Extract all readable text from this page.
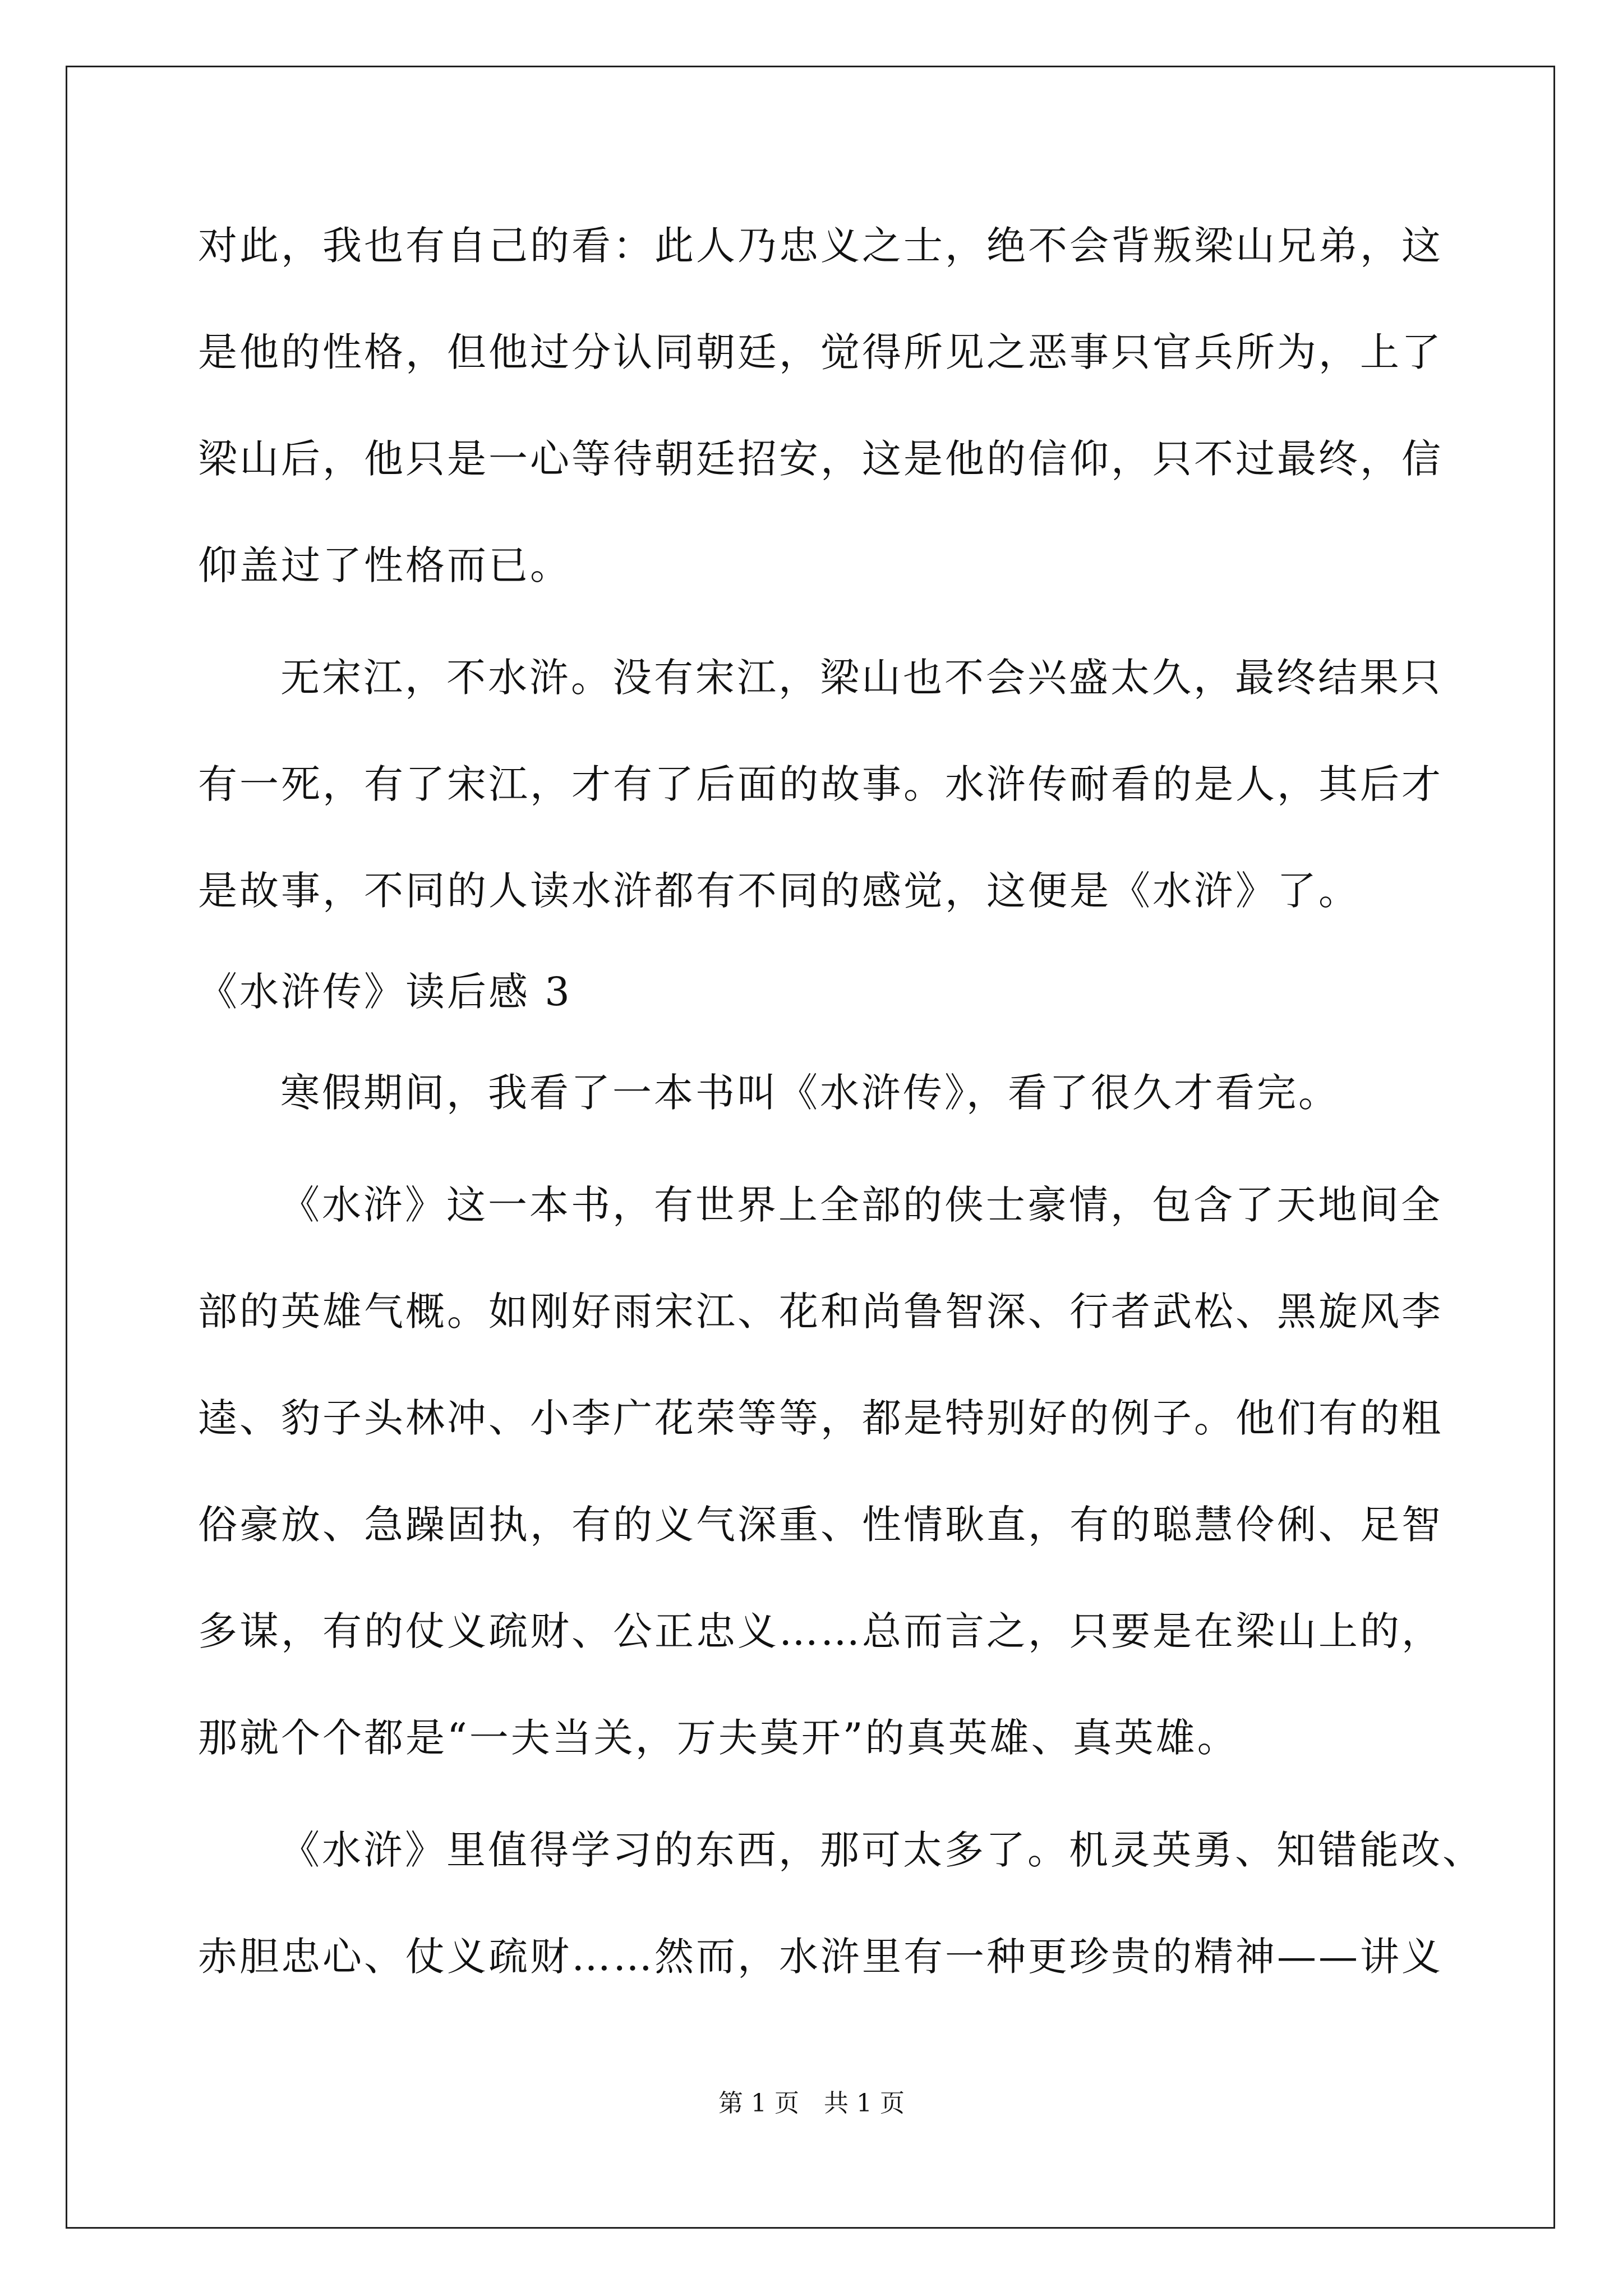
对此，我也有自己的看：此人乃忠义之士，绝不会背叛梁山兄弟，这
是他的性格，但他过分认同朝廷，觉得所见之恶事只官兵所为，上了
梁山后，他只是一心等待朝廷招安，这是他的信仰，只不过最终，信
仰盖过了性格而已。
无宋江，不水浒。没有宋江，梁山也不会兴盛太久，最终结果只
有一死，有了宋江，才有了后面的故事。水浒传耐看的是人，其后才
是故事，不同的人读水浒都有不同的感觉，这便是《水浒》了。
《水浒传》读后感 3
寒假期间，我看了一本书叫《水浒传》，看了很久才看完。
《水浒》这一本书，有世界上全部的侠士豪情，包含了天地间全
部的英雄气概。如刚好雨宋江、花和尚鲁智深、行者武松、黑旋风李
逵、豹子头林冲、小李广花荣等等，都是特别好的例子。他们有的粗
俗豪放、急躁固执，有的义气深重、性情耿直，有的聪慧伶俐、足智
多谋，有的仗义疏财、公正忠义……总而言之，只要是在梁山上的，
那就个个都是“一夫当关，万夫莫开”的真英雄、真英雄。
《水浒》里值得学习的东西，那可太多了。机灵英勇、知错能改、
赤胆忠心、仗义疏财……然而，水浒里有一种更珍贵的精神——讲义
第 1 页　共 1 页
